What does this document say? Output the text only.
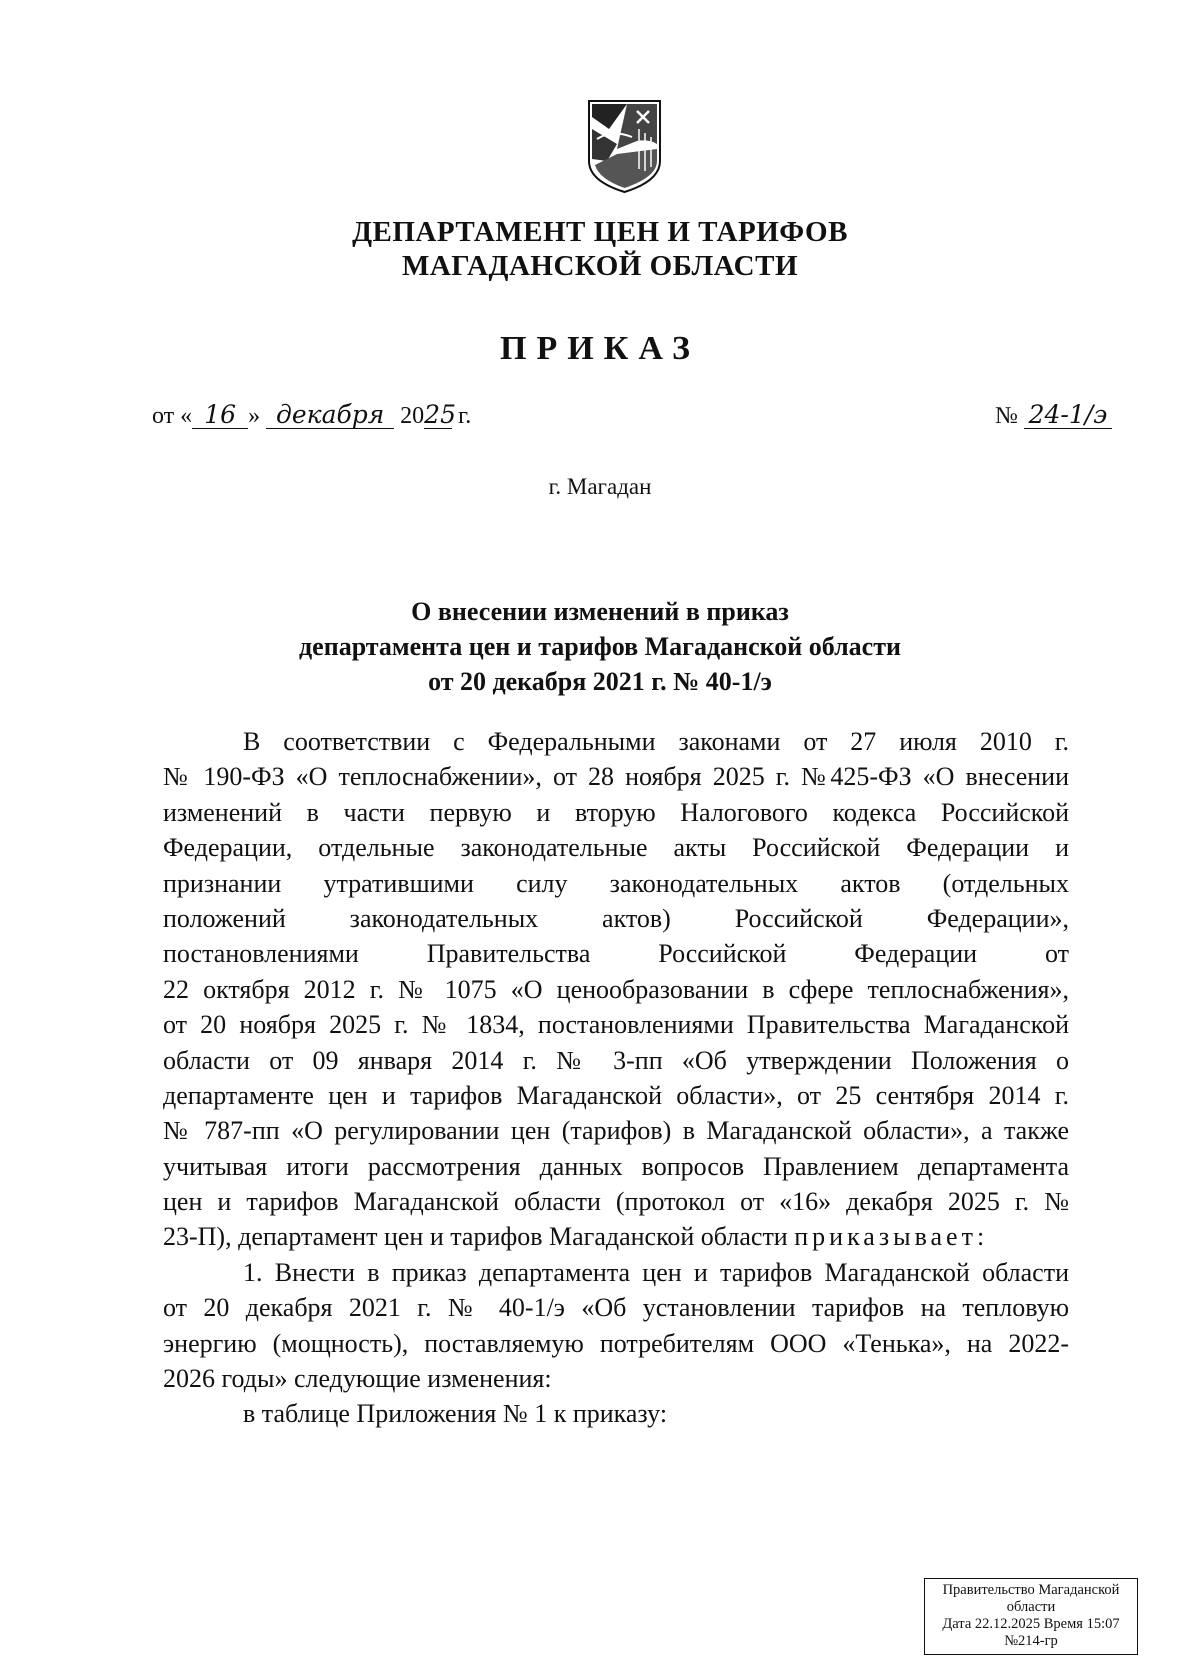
ДЕПАРТАМЕНТ ЦЕН И ТАРИФОВ
МАГАДАНСКОЙ ОБЛАСТИ
ПРИКАЗ
от « 16 » декабря 2025 г.	№ 24-1/э
г. Магадан
О внесении изменений в приказ
департамента цен и тарифов Магаданской области
от 20 декабря 2021 г. № 40-1/э
В соответствии с Федеральными законами от 27 июля 2010 г.
№ 190-ФЗ «О теплоснабжении», от 28 ноября 2025 г. №425-ФЗ «О внесении
изменений в части первую и вторую Налогового кодекса Российской
Федерации, отдельные законодательные акты Российской Федерации и
признании утратившими силу законодательных актов (отдельных
положений законодательных актов) Российской Федерации»,
постановлениями Правительства Российской Федерации от
22 октября 2012 г. № 1075 «О ценообразовании в сфере теплоснабжения»,
от 20 ноября 2025 г. № 1834, постановлениями Правительства Магаданской
области от 09 января 2014 г. № 3-пп «Об утверждении Положения о
департаменте цен и тарифов Магаданской области», от 25 сентября 2014 г.
№ 787-пп «О регулировании цен (тарифов) в Магаданской области», а также
учитывая итоги рассмотрения данных вопросов Правлением департамента
цен и тарифов Магаданской области (протокол от «16» декабря 2025 г. №
23-П), департамент цен и тарифов Магаданской области приказывает:
1. Внести в приказ департамента цен и тарифов Магаданской области
от 20 декабря 2021 г. № 40-1/э «Об установлении тарифов на тепловую
энергию (мощность), поставляемую потребителям ООО «Тенька», на 2022-
2026 годы» следующие изменения:
в таблице Приложения № 1 к приказу:
Правительство Магаданской
области
Дата 22.12.2025 Время 15:07
№214-гр
